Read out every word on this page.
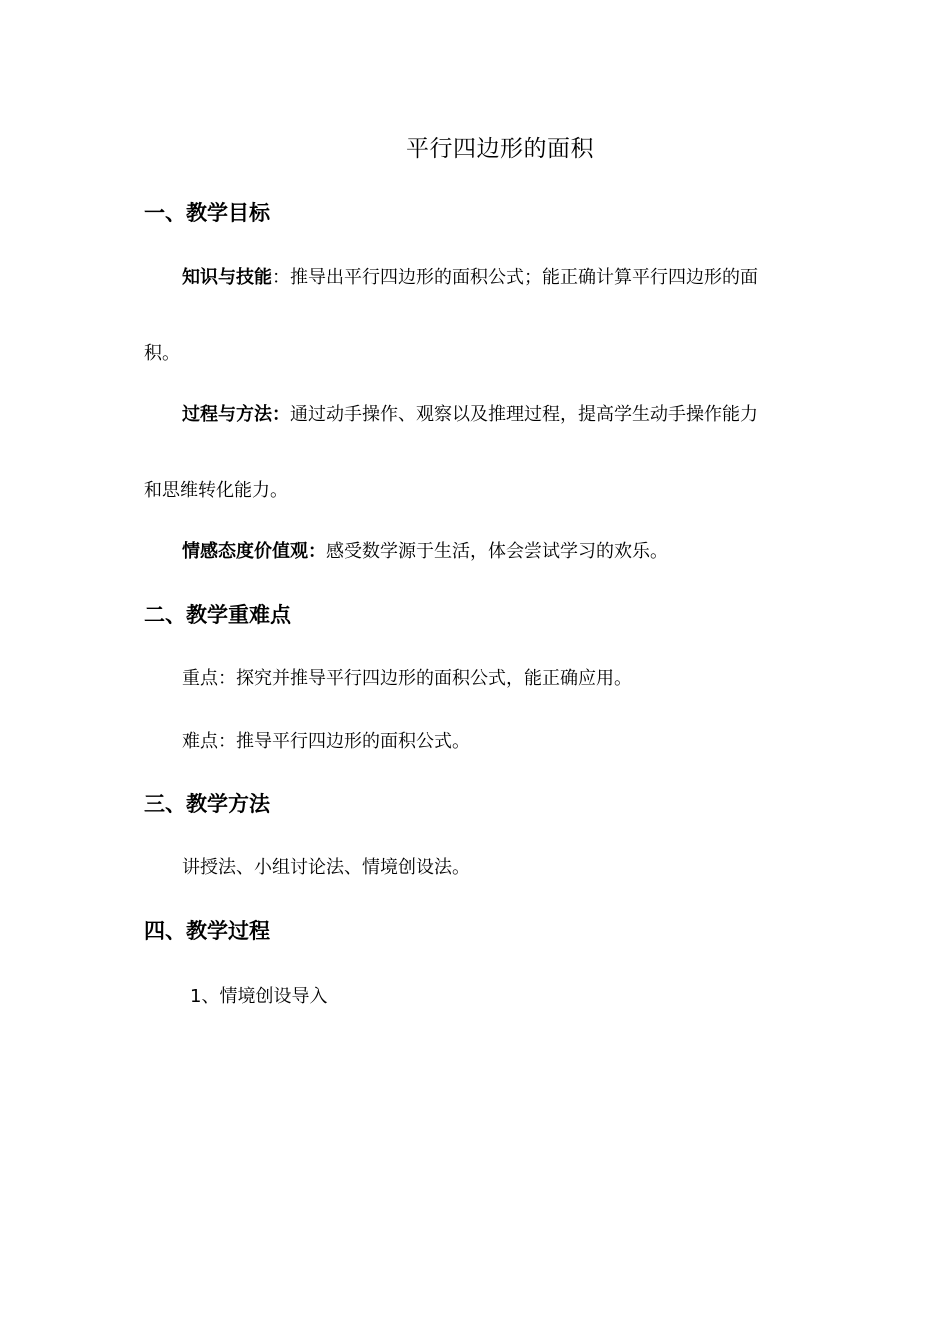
平行四边形的面积
一、教学目标
知识与技能：推导出平行四边形的面积公式；能正确计算平行四边形的面
积。
过程与方法：通过动手操作、观察以及推理过程，提高学生动手操作能力
和思维转化能力。
情感态度价值观：感受数学源于生活，体会尝试学习的欢乐。
二、教学重难点
重点：探究并推导平行四边形的面积公式，能正确应用。
难点：推导平行四边形的面积公式。
三、教学方法
讲授法、小组讨论法、情境创设法。
四、教学过程
1、情境创设导入
